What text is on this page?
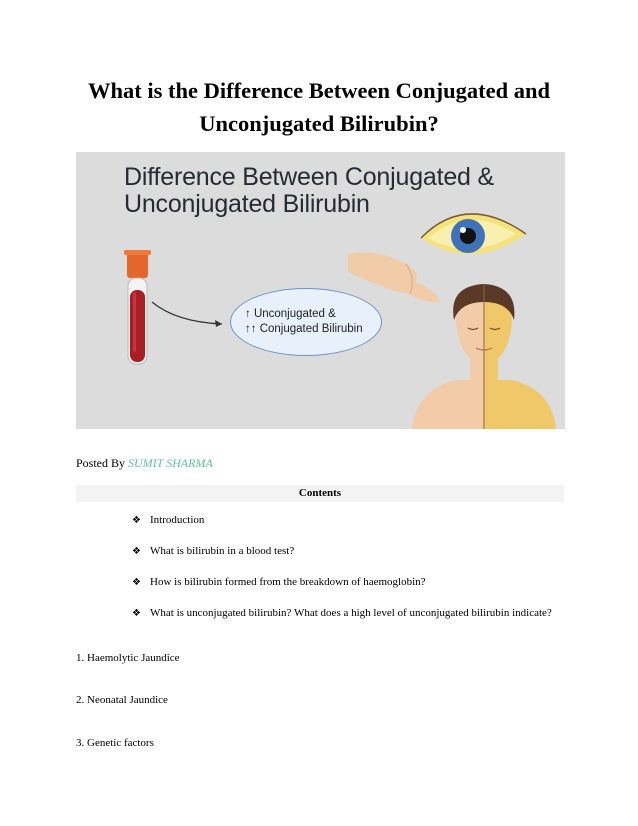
What is the Difference Between Conjugated and Unconjugated Bilirubin?
Difference Between Conjugated &
Unconjugated Bilirubin
↑ Unconjugated &
↑↑ Conjugated Bilirubin
Posted By SUMIT SHARMA
Contents
❖ Introduction
❖ What is bilirubin in a blood test?
❖ How is bilirubin formed from the breakdown of haemoglobin?
❖ What is unconjugated bilirubin? What does a high level of unconjugated bilirubin indicate?
1. Haemolytic Jaundice
2. Neonatal Jaundice
3. Genetic factors
